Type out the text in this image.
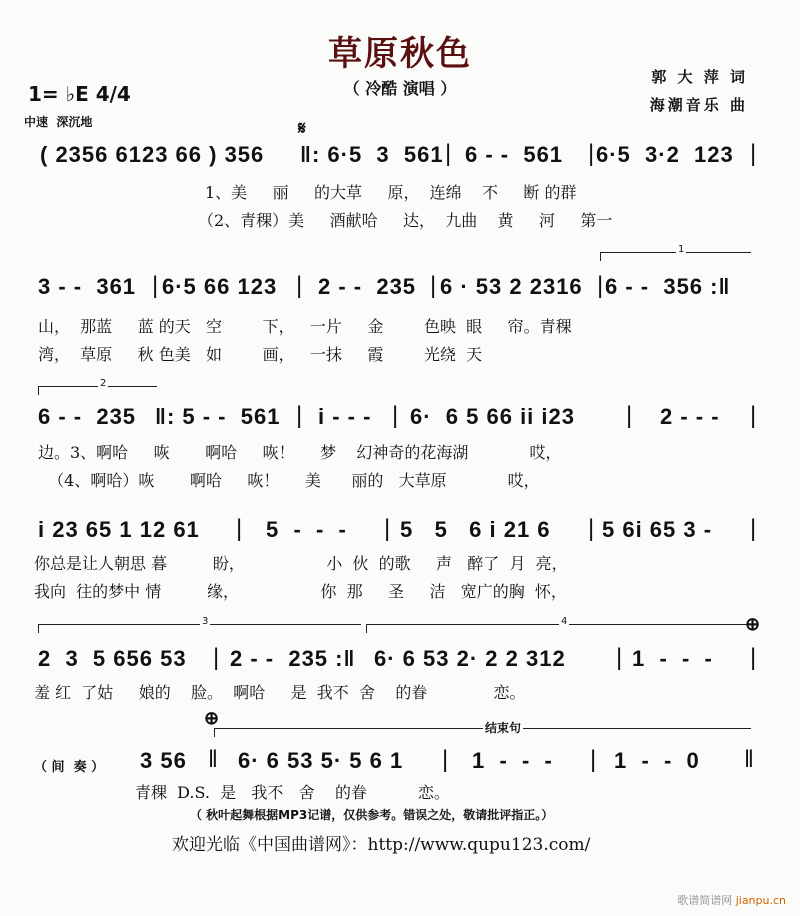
草原秋色
（ 冷酷 演唱 ）
郭 大 萍 词
海潮音乐 曲
1= ♭E 4/4
中速  深沉地
( 2356 6123 66 ) 356
𝄋
‖: 6·5  3  561 | 6 - -  561 | 6·5  3·2  123 |
1、美     丽     的大草     原，  连绵    不     断 的群
（2、青稞）美     酒献哈     达，  九曲    黄     河     第一
1
3 - -  361 | 6·5 66 123 | 2 - -  235 | 6 · 53 2 2316 | 6 - -  356 :‖
山，  那蓝     蓝 的天   空        下，   一片     金        色映  眼     帘。青稞
湾，  草原     秋 色美   如        画，   一抹     霞        光绕  天
2
6 - -  235 ‖: 5 - -  561 | i - - - | 6·  6 5 66 ii i23 | 2 - - - |
边。3、啊哈     咴       啊哈     咴！     梦    幻神奇的花海湖            哎，
（4、啊哈）咴       啊哈     咴！     美      丽的   大草原            哎，
i 23 65 1 12 61 | 5  -  -  - | 5   5   6 i 21 6 | 5 6i 65 3 - |
你总是让人朝思 暮         盼，                小  伙  的歌     声   醉了  月  亮，
我向  往的梦中 情         缘，                你  那     圣     洁   宽广的胸  怀，
3	4	⊕
2  3  5 656 53 | 2 - -  235 :‖ 6· 6 53 2· 2 2 312 | 1  -  -  - |
羞 红  了姑     娘的    脸。  啊哈     是  我不  舍    的眷             恋。
⊕	结束句
（ 间  奏 ） 3 56 ‖ 6· 6 53 5· 5 6 1 | 1  -  -  - | 1  -  -  0 ‖
青稞  D.S.  是   我不   舍    的眷          恋。
（ 秋叶起舞根据MP3记谱，仅供参考。错误之处，敬请批评指正。）
欢迎光临《中国曲谱网》：http://www.qupu123.com/
歌谱简谱网 jianpu.cn
